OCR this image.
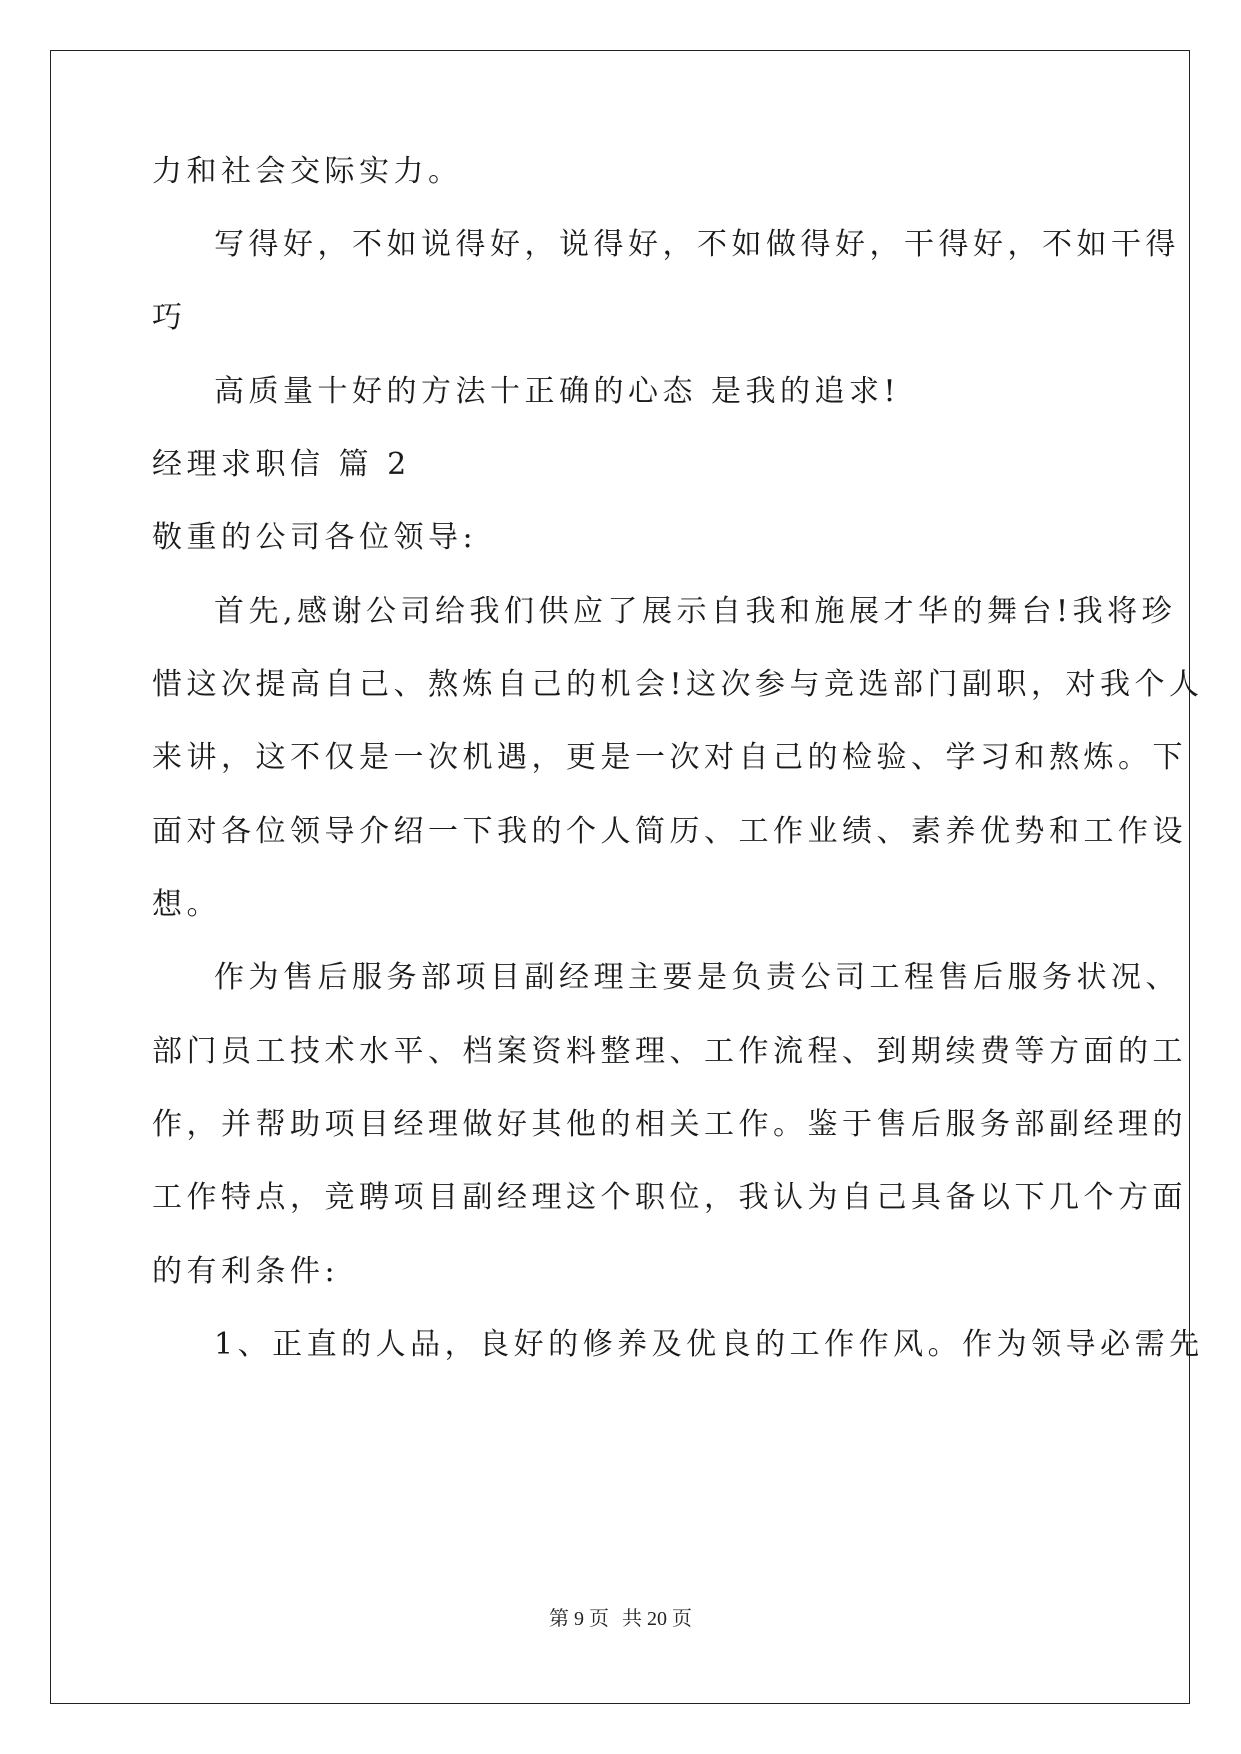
力和社会交际实力。
写得好，不如说得好，说得好，不如做得好，干得好，不如干得
巧
高质量十好的方法十正确的心态 是我的追求!
经理求职信 篇 2
敬重的公司各位领导:
首先,感谢公司给我们供应了展示自我和施展才华的舞台!我将珍
惜这次提高自己、熬炼自己的机会!这次参与竞选部门副职，对我个人
来讲，这不仅是一次机遇，更是一次对自己的检验、学习和熬炼。下
面对各位领导介绍一下我的个人简历、工作业绩、素养优势和工作设
想。
作为售后服务部项目副经理主要是负责公司工程售后服务状况、
部门员工技术水平、档案资料整理、工作流程、到期续费等方面的工
作，并帮助项目经理做好其他的相关工作。鉴于售后服务部副经理的
工作特点，竞聘项目副经理这个职位，我认为自己具备以下几个方面
的有利条件:
1、正直的人品，良好的修养及优良的工作作风。作为领导必需先
第 9 页 共 20 页
